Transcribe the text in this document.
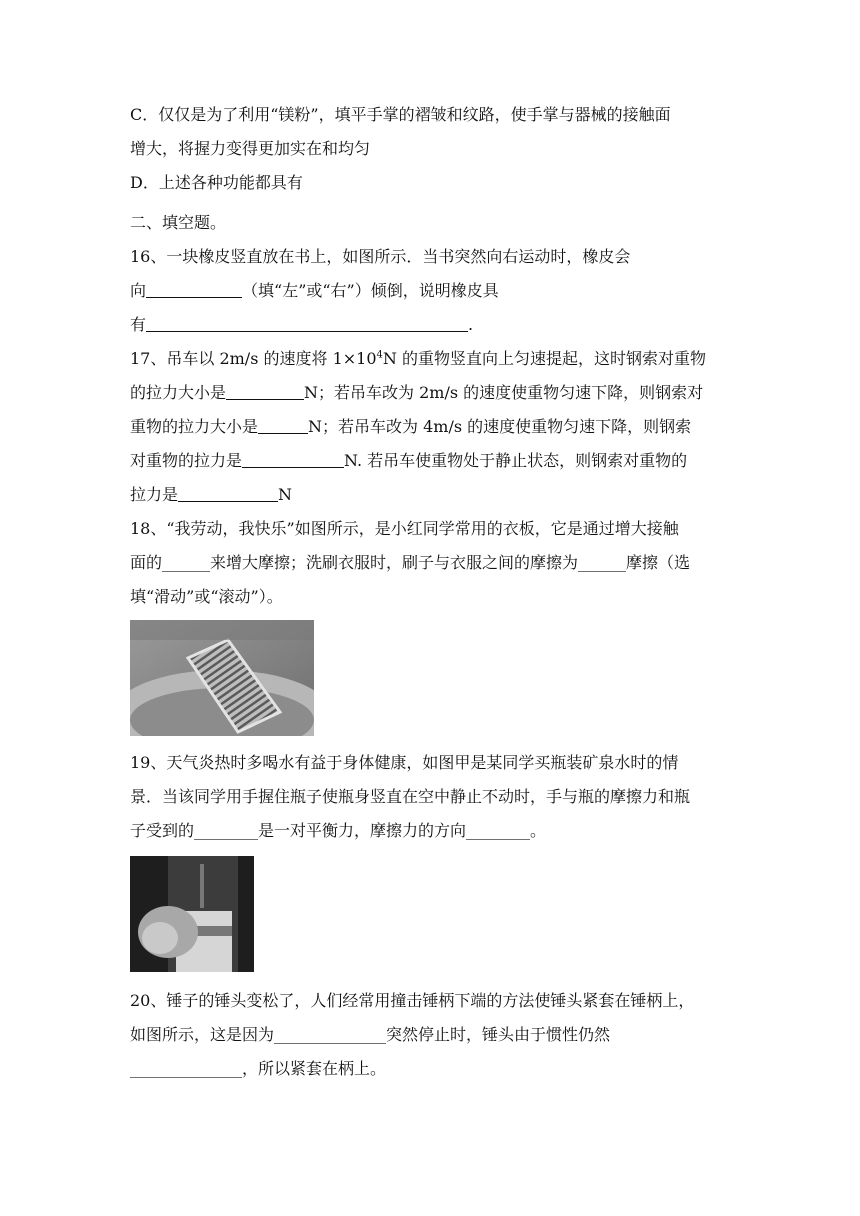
C．仅仅是为了利用“镁粉”，填平手掌的褶皱和纹路，使手掌与器械的接触面
增大，将握力变得更加实在和均匀
D．上述各种功能都具有
二、填空题。
16、一块橡皮竖直放在书上，如图所示．当书突然向右运动时，橡皮会
向	（填“左”或“右”）倾倒，说明橡皮具
有	.
17、吊车以 2m/s 的速度将 $1\times 10^4N$ 的重物竖直向上匀速提起，这时钢索对重物
的拉力大小是	N；若吊车改为 2m/s 的速度使重物匀速下降，则钢索对
重物的拉力大小是	N；若吊车改为 4m/s 的速度使重物匀速下降，则钢索
对重物的拉力是	N. 若吊车使重物处于静止状态，则钢索对重物的
拉力是	N
18、“我劳动，我快乐”如图所示，是小红同学常用的衣板，它是通过增大接触
面的______来增大摩擦；洗刷衣服时，刷子与衣服之间的摩擦为______摩擦（选
填“滑动”或“滚动”）。
19、天气炎热时多喝水有益于身体健康，如图甲是某同学买瓶装矿泉水时的情
景．当该同学用手握住瓶子使瓶身竖直在空中静止不动时，手与瓶的摩擦力和瓶
子受到的________是一对平衡力，摩擦力的方向________。
20、锤子的锤头变松了，人们经常用撞击锤柄下端的方法使锤头紧套在锤柄上，
如图所示，这是因为______________突然停止时，锤头由于惯性仍然
______________，所以紧套在柄上。
